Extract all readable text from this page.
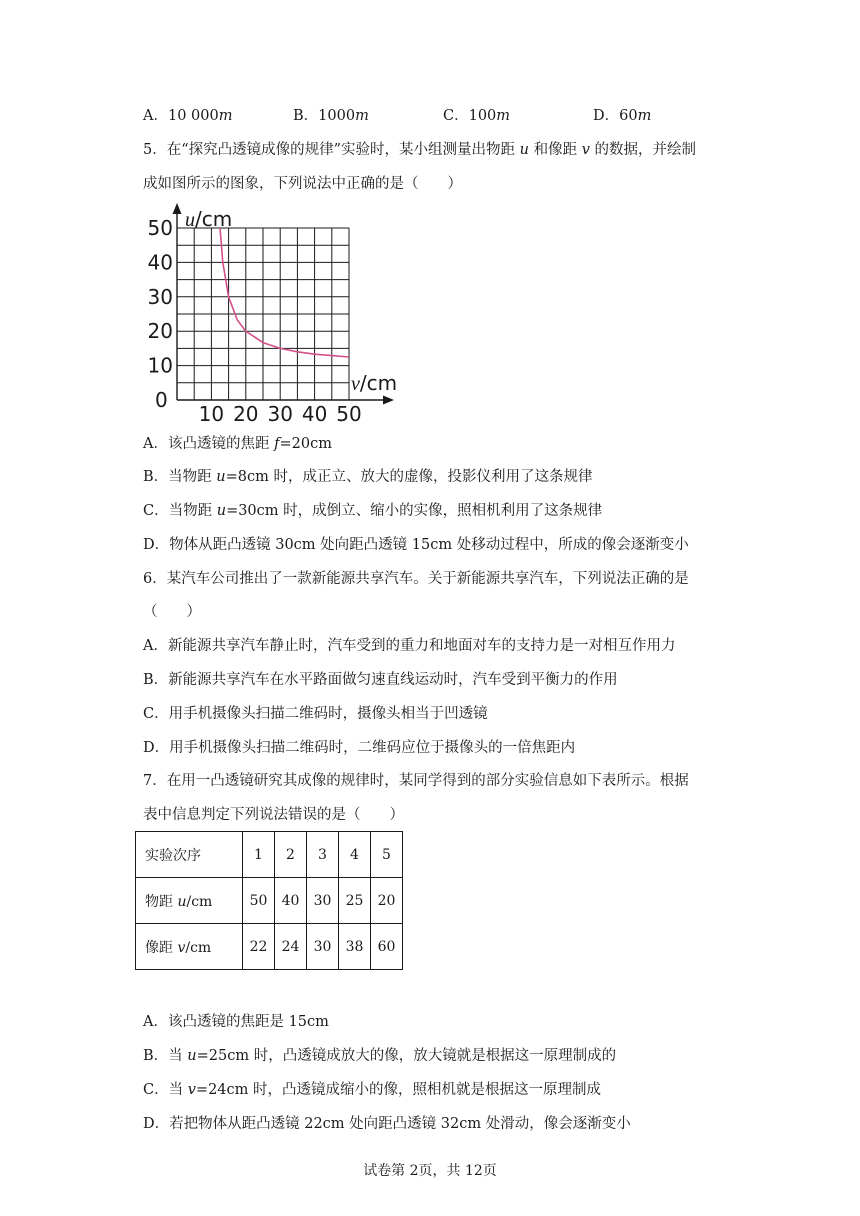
A．10 000m	B．1000m	C．100m	D．60m
5．在“探究凸透镜成像的规律”实验时，某小组测量出物距 u 和像距 v 的数据，并绘制
成如图所示的图象，下列说法中正确的是（　　）
10 20 30 40 50
50
40
30
20
10
0
u/cm
v/cm
A．该凸透镜的焦距 f=20cm
B．当物距 u=8cm 时，成正立、放大的虚像，投影仪利用了这条规律
C．当物距 u=30cm 时，成倒立、缩小的实像，照相机利用了这条规律
D．物体从距凸透镜 30cm 处向距凸透镜 15cm 处移动过程中，所成的像会逐渐变小
6．某汽车公司推出了一款新能源共享汽车。关于新能源共享汽车，下列说法正确的是
（　　）
A．新能源共享汽车静止时，汽车受到的重力和地面对车的支持力是一对相互作用力
B．新能源共享汽车在水平路面做匀速直线运动时，汽车受到平衡力的作用
C．用手机摄像头扫描二维码时，摄像头相当于凹透镜
D．用手机摄像头扫描二维码时，二维码应位于摄像头的一倍焦距内
7．在用一凸透镜研究其成像的规律时，某同学得到的部分实验信息如下表所示。根据
表中信息判定下列说法错误的是（　　）
实验次序	1	2	3	4	5
物距 u/cm	50	40	30	25	20
像距 v/cm	22	24	30	38	60
A．该凸透镜的焦距是 15cm
B．当 u=25cm 时，凸透镜成放大的像，放大镜就是根据这一原理制成的
C．当 v=24cm 时，凸透镜成缩小的像，照相机就是根据这一原理制成
D．若把物体从距凸透镜 22cm 处向距凸透镜 32cm 处滑动，像会逐渐变小
试卷第 2页，共 12页
